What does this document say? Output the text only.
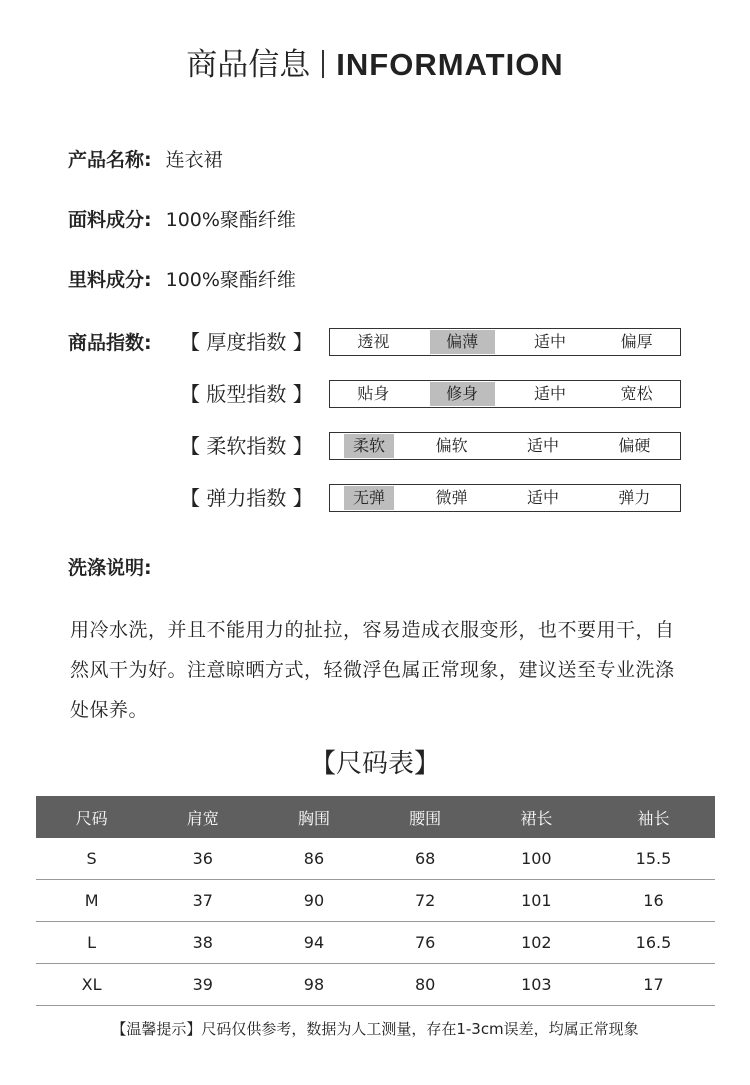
商品信息 INFORMATION
产品名称: 连衣裙
面料成分: 100%聚酯纤维
里料成分: 100%聚酯纤维
商品指数: 【 厚度指数 】	透视	偏薄	适中	偏厚
【 版型指数 】	贴身	修身	适中	宽松
【 柔软指数 】	柔软	偏软	适中	偏硬
【 弹力指数 】	无弹	微弹	适中	弹力
洗涤说明:
用冷水洗，并且不能用力的扯拉，容易造成衣服变形，也不要用干，自然风干为好。注意晾晒方式，轻微浮色属正常现象，建议送至专业洗涤处保养。
【尺码表】
尺码	肩宽	胸围	腰围	裙长	袖长
S	36	86	68	100	15.5
M	37	90	72	101	16
L	38	94	76	102	16.5
XL	39	98	80	103	17
【温馨提示】尺码仅供参考，数据为人工测量，存在1-3cm误差，均属正常现象
